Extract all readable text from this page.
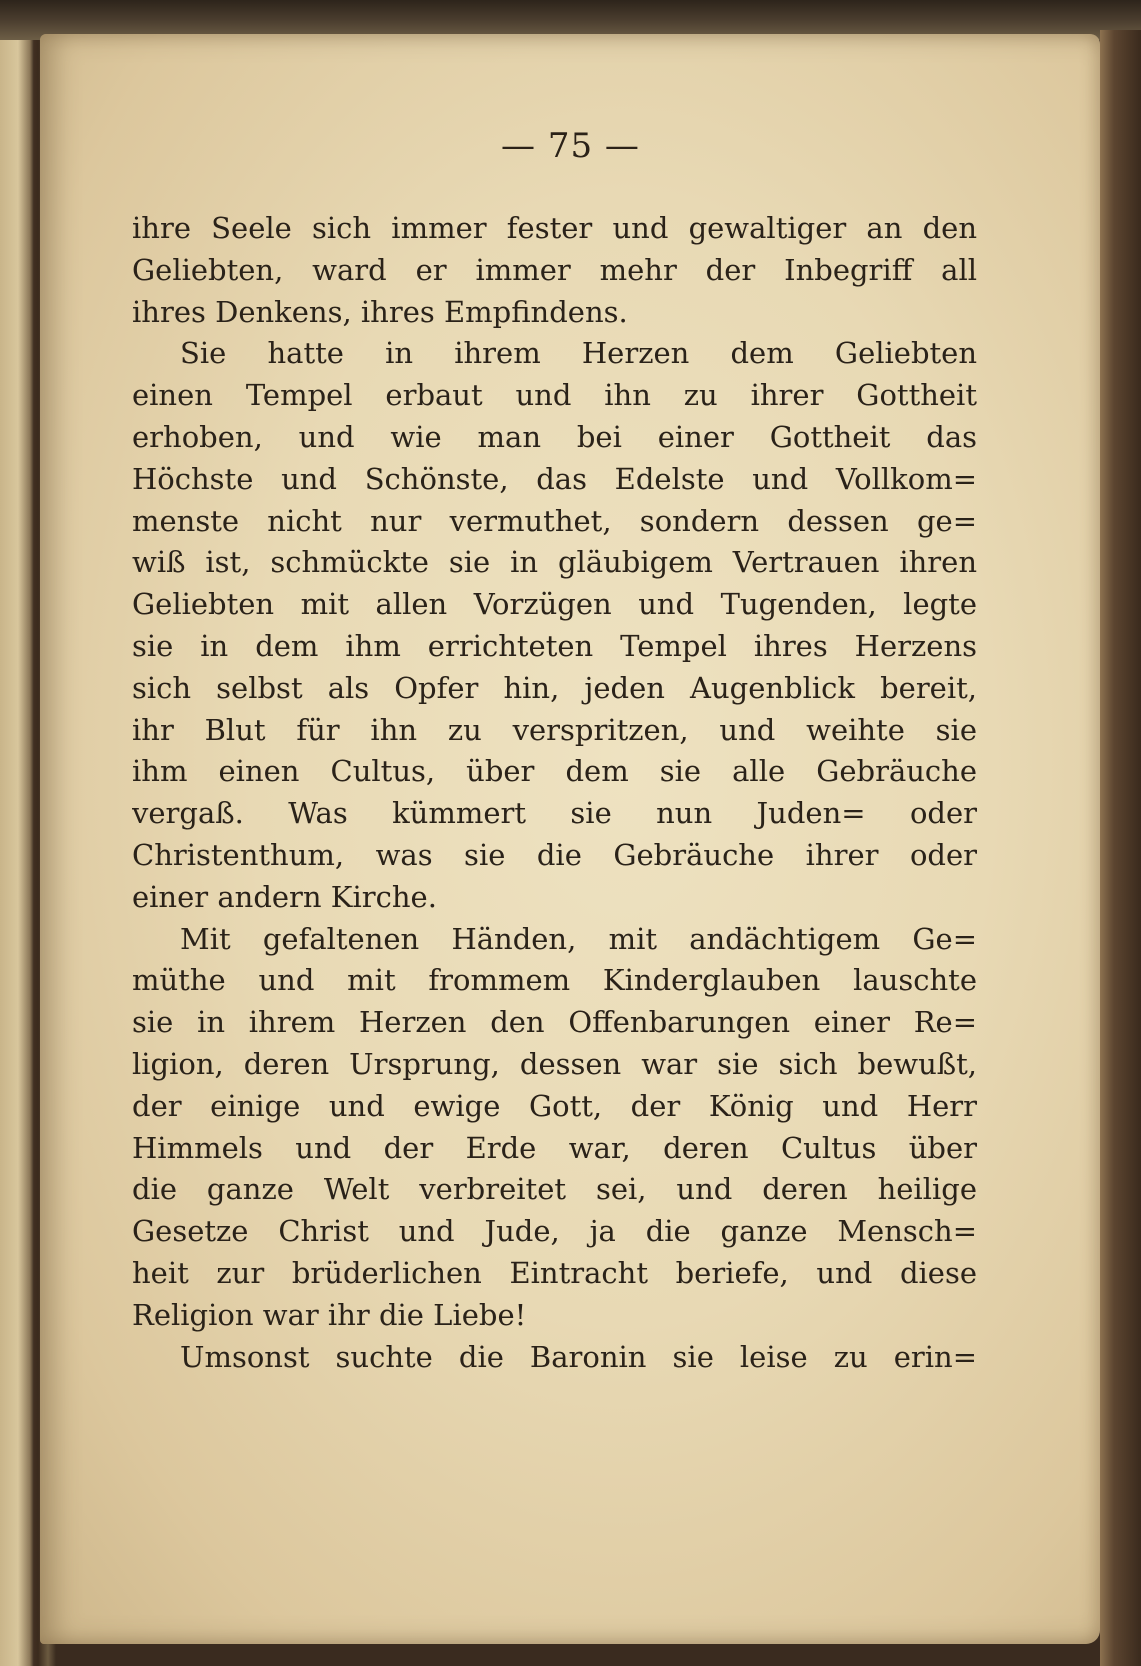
— 75 —
ihre Seele sich immer fester und gewaltiger an den
Geliebten, ward er immer mehr der Inbegriff all
ihres Denkens, ihres Empfindens.
Sie hatte in ihrem Herzen dem Geliebten
einen Tempel erbaut und ihn zu ihrer Gottheit
erhoben, und wie man bei einer Gottheit das
Höchste und Schönste, das Edelste und Vollkom=
menste nicht nur vermuthet, sondern dessen ge=
wiß ist, schmückte sie in gläubigem Vertrauen ihren
Geliebten mit allen Vorzügen und Tugenden, legte
sie in dem ihm errichteten Tempel ihres Herzens
sich selbst als Opfer hin, jeden Augenblick bereit,
ihr Blut für ihn zu verspritzen, und weihte sie
ihm einen Cultus, über dem sie alle Gebräuche
vergaß. Was kümmert sie nun Juden= oder
Christenthum, was sie die Gebräuche ihrer oder
einer andern Kirche.
Mit gefaltenen Händen, mit andächtigem Ge=
müthe und mit frommem Kinderglauben lauschte
sie in ihrem Herzen den Offenbarungen einer Re=
ligion, deren Ursprung, dessen war sie sich bewußt,
der einige und ewige Gott, der König und Herr
Himmels und der Erde war, deren Cultus über
die ganze Welt verbreitet sei, und deren heilige
Gesetze Christ und Jude, ja die ganze Mensch=
heit zur brüderlichen Eintracht beriefe, und diese
Religion war ihr die Liebe!
Umsonst suchte die Baronin sie leise zu erin=
